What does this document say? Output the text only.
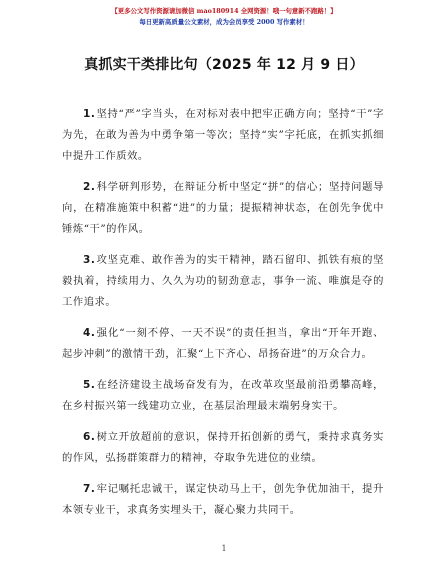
【更多公文写作资源请加微信 mao180914 全网资源！哦一句意新不跑路！】
每日更新高质量公文素材，成为会员享受 2000 写作素材！
真抓实干类排比句（2025 年 12 月 9 日）

1.坚持“严”字当头，在对标对表中把牢正确方向；坚持“干”字为先，在敢为善为中勇争第一等次；坚持“实”字托底，在抓实抓细中提升工作质效。

2.科学研判形势，在辩证分析中坚定“拼”的信心；坚持问题导向，在精准施策中积蓄“进”的力量；提振精神状态，在创先争优中锤炼“干”的作风。

3.攻坚克难、敢作善为的实干精神，踏石留印、抓铁有痕的坚毅执着，持续用力、久久为功的韧劲意志，事争一流、唯旗是夺的工作追求。

4.强化“一刻不停、一天不误”的责任担当，拿出“开年开跑、起步冲刺”的激情干劲，汇聚“上下齐心、昂扬奋进”的万众合力。

5.在经济建设主战场奋发有为，在改革攻坚最前沿勇攀高峰，在乡村振兴第一线建功立业，在基层治理最末端躬身实干。

6.树立开放超前的意识，保持开拓创新的勇气，秉持求真务实的作风，弘扬群策群力的精神，夺取争先进位的业绩。

7.牢记嘱托忠诚干，谋定快动马上干，创先争优加油干，提升本领专业干，求真务实埋头干，凝心聚力共同干。

1
